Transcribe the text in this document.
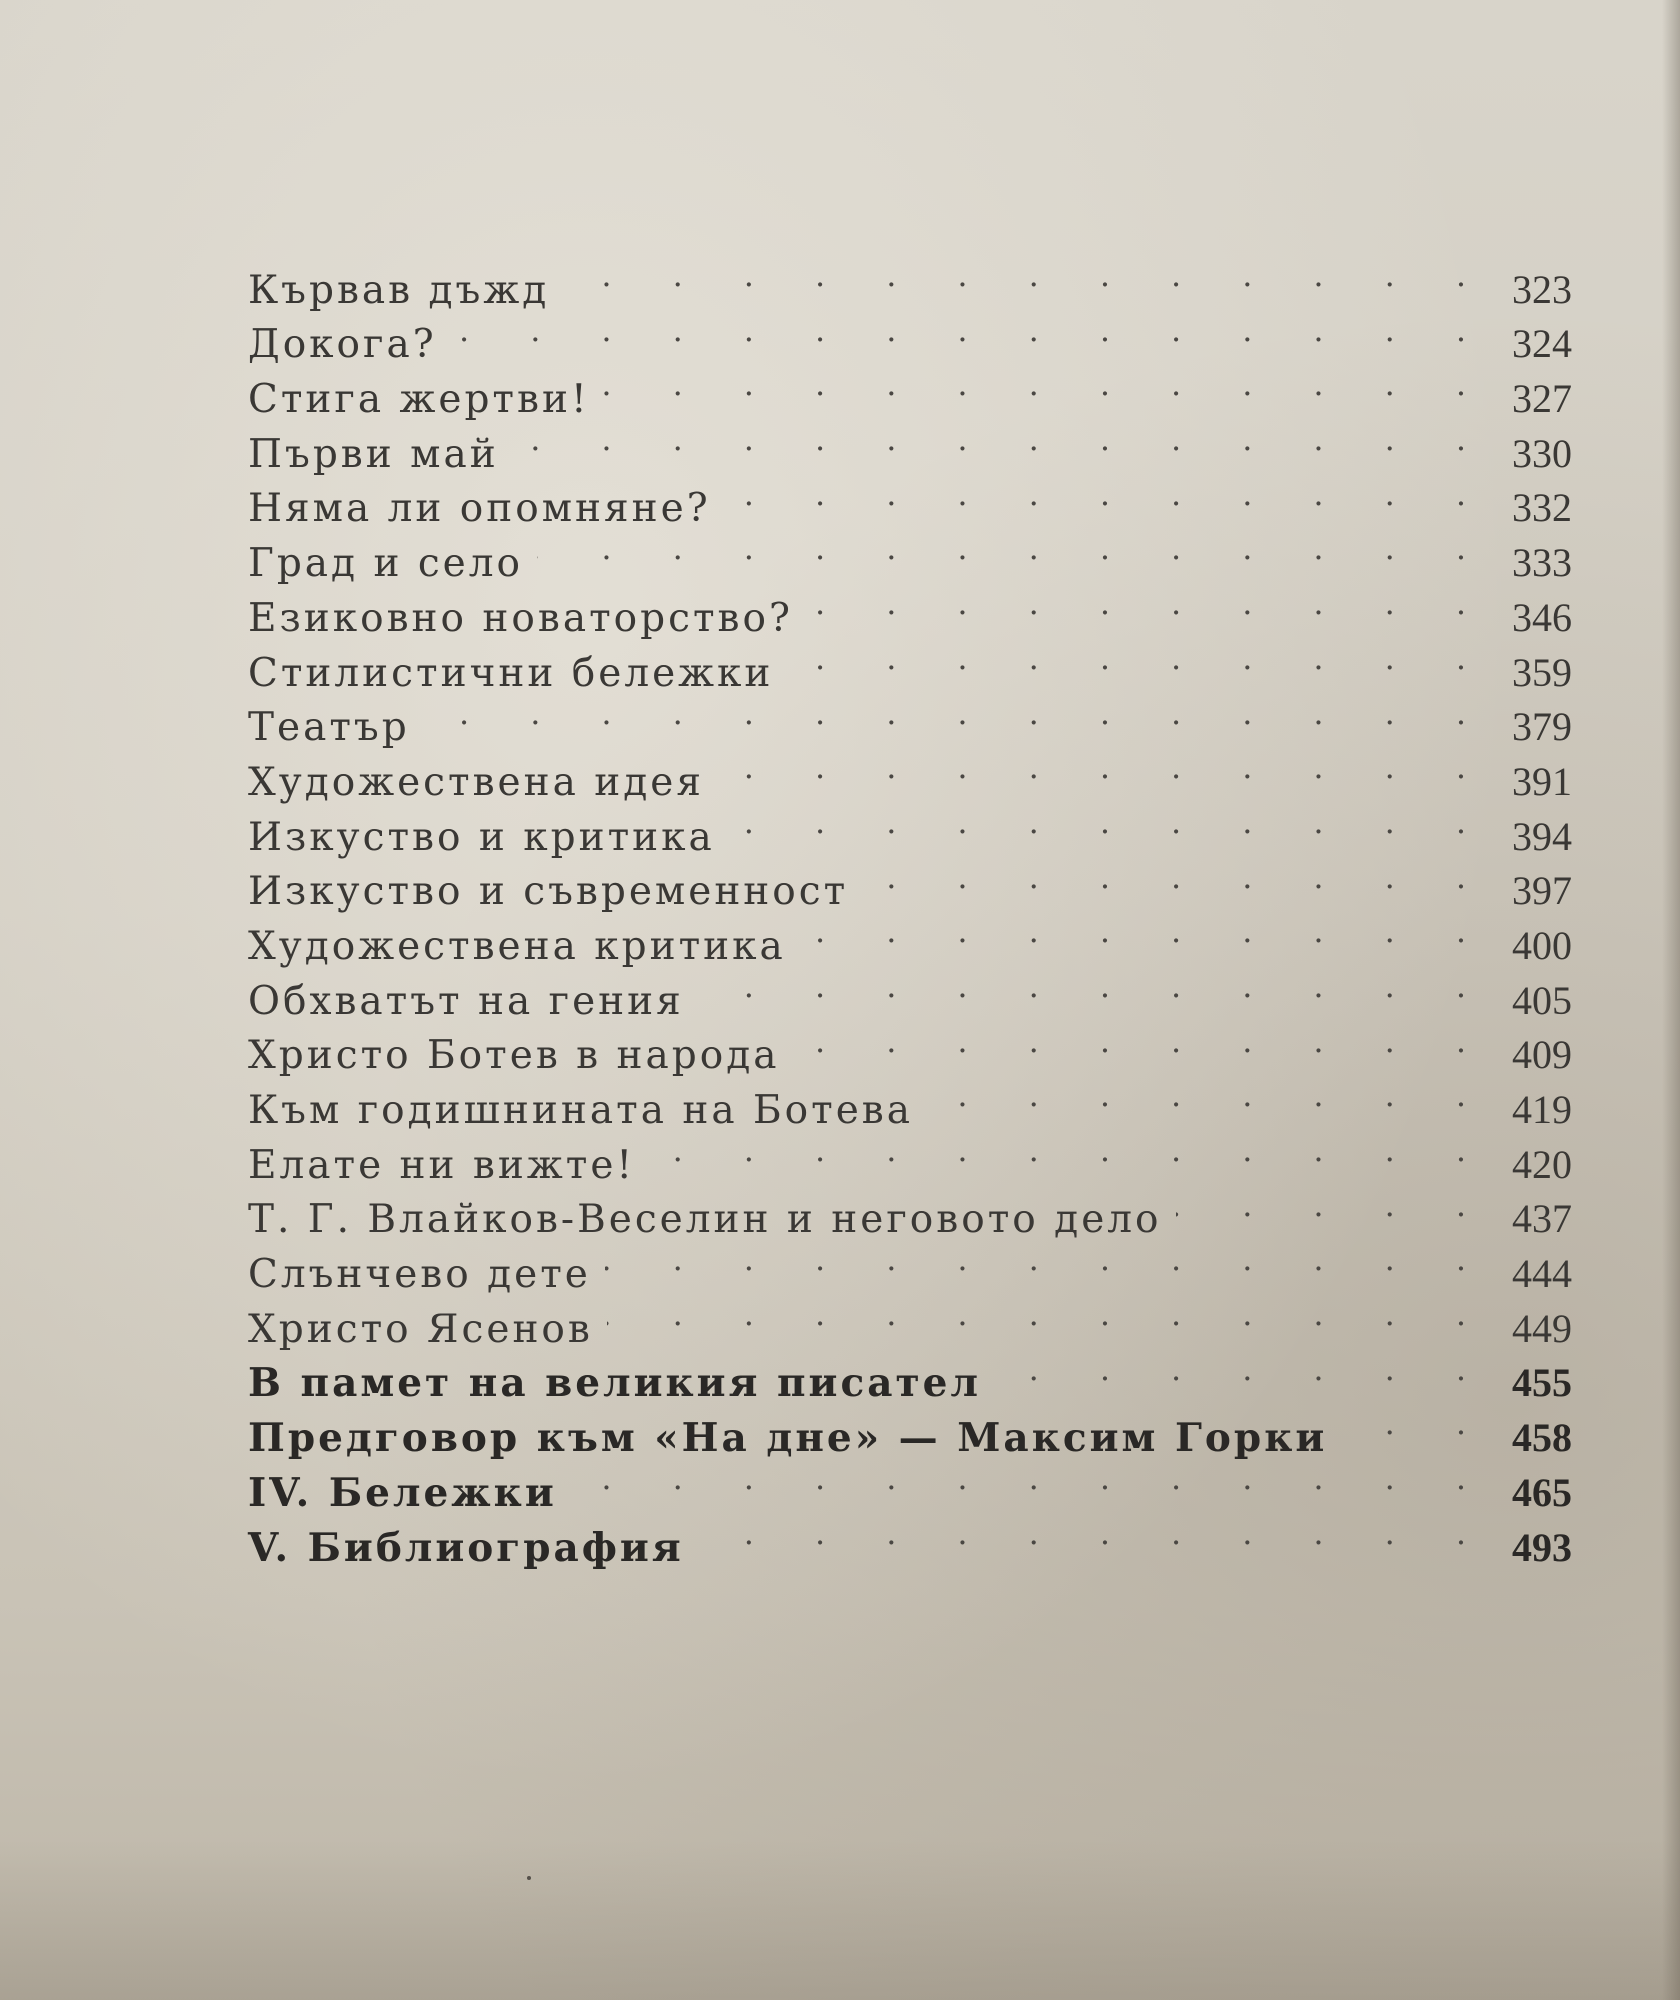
Кървав дъжд .	323
Докога? .	324
Стига жертви! .	327
Първи май .	330
Няма ли опомняне? .	332
Град и село .	333
Езиковно новаторство? .	346
Стилистични бележки .	359
Театър .	379
Художествена идея .	391
Изкуство и критика .	394
Изкуство и съвременност .	397
Художествена критика .	400
Обхватът на гения .	405
Христо Ботев в народа .	409
Към годишнината на Ботева .	419
Елате ни вижте! .	420
Т. Г. Влайков-Веселин и неговото дело .	437
Слънчево дете .	444
Христо Ясенов .	449
В памет на великия писател .	455
Предговор към «На дне» — Максим Горки .	458
IV. Бележки .	465
V. Библиография .	493
